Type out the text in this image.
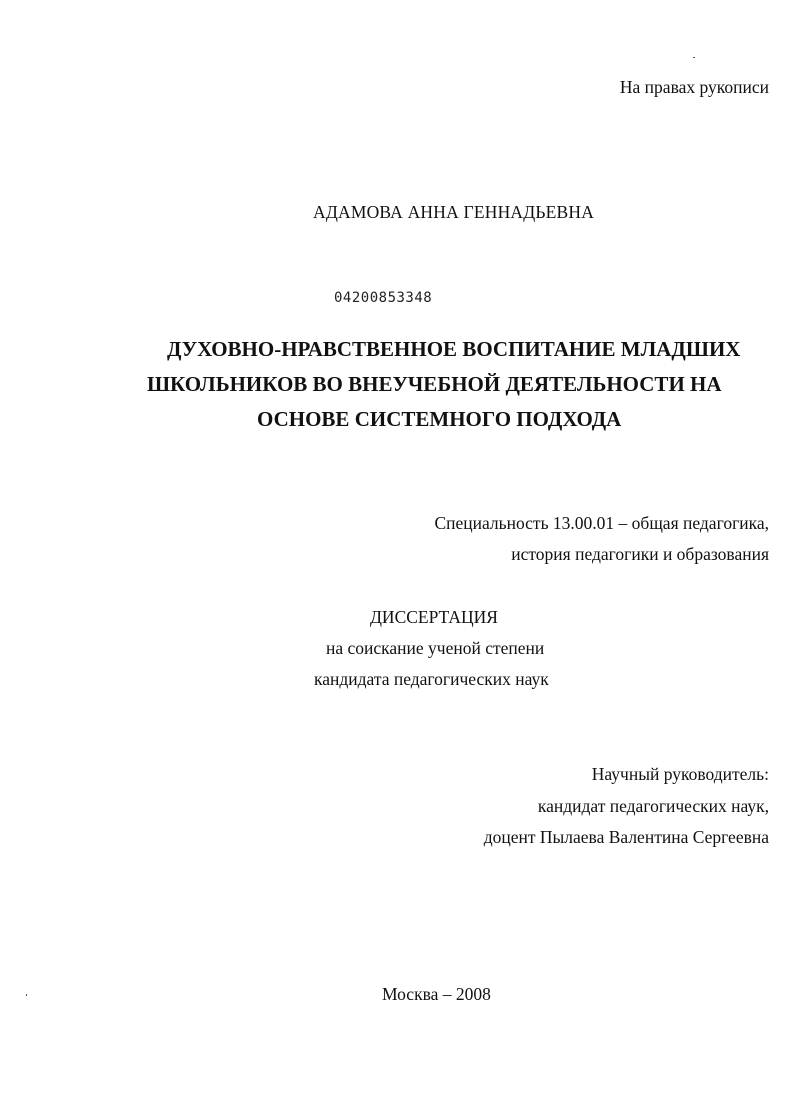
На правах рукописи
АДАМОВА АННА ГЕННАДЬЕВНА
04200853348
ДУХОВНО-НРАВСТВЕННОЕ ВОСПИТАНИЕ МЛАДШИХ
ШКОЛЬНИКОВ ВО ВНЕУЧЕБНОЙ ДЕЯТЕЛЬНОСТИ НА
ОСНОВЕ СИСТЕМНОГО ПОДХОДА
Специальность 13.00.01 – общая педагогика,
история педагогики и образования
ДИССЕРТАЦИЯ
на соискание ученой степени
кандидата педагогических наук
Научный руководитель:
кандидат педагогических наук,
доцент Пылаева Валентина Сергеевна
Москва – 2008
